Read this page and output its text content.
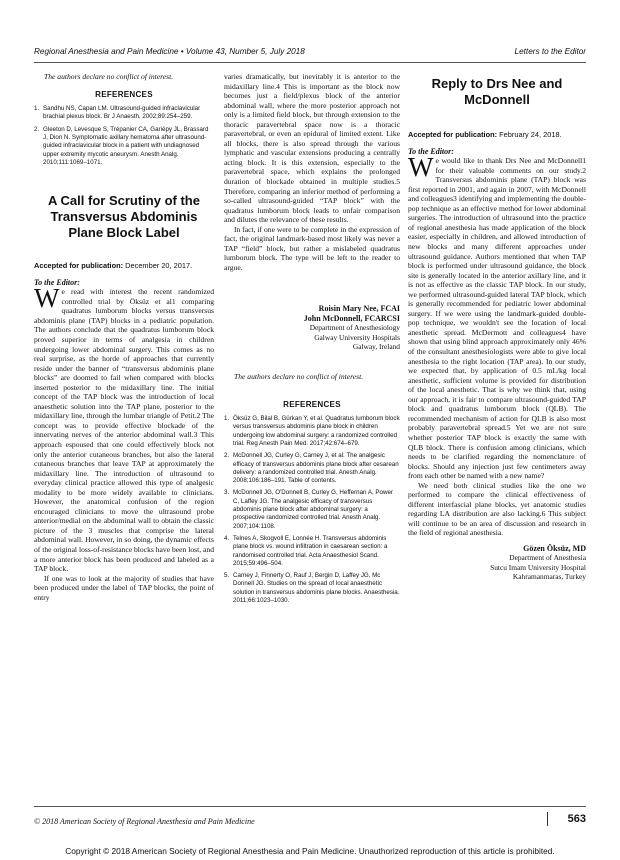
Regional Anesthesia and Pain Medicine • Volume 43, Number 5, July 2018	Letters to the Editor

The authors declare no conflict of interest.

REFERENCES
1. Sandhu NS, Capan LM. Ultrasound-guided infraclavicular brachial plexus block. Br J Anaesth. 2002;89:254–259.
2. Gleeton D, Levesque S, Trépanier CA, Gariépy JL, Brassard J, Dion N. Symptomatic axillary hematoma after ultrasound-guided infraclavicular block in a patient with undiagnosed upper extremity mycotic aneurysm. Anesth Analg. 2010;111:1069–1071.
A Call for Scrutiny of the Transversus Abdominis Plane Block Label
Accepted for publication: December 20, 2017.
To the Editor:

We read with interest the recent randomized controlled trial by Öksüz et al1 comparing quadratus lumborum blocks versus transversus abdominis plane (TAP) blocks in a pediatric population. The authors conclude that the quadratus lumborum block proved superior in terms of analgesia in children undergoing lower abdominal surgery. This comes as no real surprise, as the horde of approaches that currently reside under the banner of “transversus abdominis plane blocks” are doomed to fail when compared with blocks inserted posterior to the midaxillary line. The initial concept of the TAP block was the introduction of local anaesthetic solution into the TAP plane, posterior to the midaxillary line, through the lumbar triangle of Petit.2 The concept was to provide effective blockade of the innervating nerves of the anterior abdominal wall.3 This approach espoused that one could effectively block not only the anterior cutaneous branches, but also the lateral cutaneous branches that leave TAP at approximately the midaxillary line. The introduction of ultrasound to everyday clinical practice allowed this type of analgesic modality to be more widely available to clinicians. However, the anatomical confusion of the region encouraged clinicians to move the ultrasound probe anterior/medial on the abdominal wall to obtain the classic picture of the 3 muscles that comprise the lateral abdominal wall. However, in so doing, the dynamic effects of the original loss-of-resistance blocks have been lost, and a more anterior block has been produced and labeled as a TAP block.

If one was to look at the majority of studies that have been produced under the label of TAP blocks, the point of entry

varies dramatically, but inevitably it is anterior to the midaxillary line.4 This is important as the block now becomes just a field/plexus block of the anterior abdominal wall, where the more posterior approach not only is a limited field block, but through extension to the thoracic paravertebral space now is a thoracic paravertebral, or even an epidural of limited extent. Like all blocks, there is also spread through the various lymphatic and vascular extensions producing a centrally acting block. It is this extension, especially to the paravertebral space, which explains the prolonged duration of blockade obtained in multiple studies.5 Therefore, comparing an inferior method of performing a so-called ultrasound-guided “TAP block” with the quadratus lumborum block leads to unfair comparison and dilutes the relevance of these results.

In fact, if one were to be complete in the expression of fact, the original landmark-based most likely was never a TAP “field” block, but rather a mislabeled quadratus lumborum block. The type will be left to the reader to argue.

Roisin Mary Nee, FCAI
John McDonnell, FCARCSI
Department of Anesthesiology
Galway University Hospitals
Galway, Ireland

The authors declare no conflict of interest.

REFERENCES
1. Öksüz G, Bilal B, Gürkan Y, et al. Quadratus lumborum block versus transversus abdominis plane block in children undergoing low abdominal surgery: a randomized controlled trial. Reg Anesth Pain Med. 2017;42:674–679.
2. McDonnell JG, Curley G, Carney J, et al. The analgesic efficacy of transversus abdominis plane block after cesarean delivery: a randomized controlled trial. Anesth Analg. 2008;106:186–191. Table of contents.
3. McDonnell JG, O'Donnell B, Curley G, Heffernan A, Power C, Laffey JG. The analgesic efficacy of transversus abdominis plane block after abdominal surgery: a prospective randomized controlled trial. Anesth Analg. 2007;104:1108.
4. Telnes A, Skogvoll E, Lonnée H. Transversus abdominis plane block vs. wound infiltration in caesarean section: a randomised controlled trial. Acta Anaesthesiol Scand. 2015;59:496–504.
5. Carney J, Finnerty O, Rauf J, Bergin D, Laffey JG, Mc Donnell JG. Studies on the spread of local anaesthetic solution in transversus abdominis plane blocks. Anaesthesia. 2011;66:1023–1030.
Reply to Drs Nee and McDonnell
Accepted for publication: February 24, 2018.
To the Editor:

We would like to thank Drs Nee and McDonnell1 for their valuable comments on our study.2 Transversus abdominis plane (TAP) block was first reported in 2001, and again in 2007, with McDonnell and colleagues3 identifying and implementing the double-pop technique as an effective method for lower abdominal surgeries. The introduction of ultrasound into the practice of regional anesthesia has made application of the block easier, especially in children, and allowed introduction of new blocks and many different approaches under ultrasound guidance. Authors mentioned that when TAP block is performed under ultrasound guidance, the block site is generally located in the anterior axillary line, and it is not as effective as the classic TAP block. In our study, we performed ultrasound-guided lateral TAP block, which is generally recommended for pediatric lower abdominal surgery. If we were using the landmark-guided double-pop technique, we wouldn't see the location of local anesthetic spread. McDermott and colleagues4 have shown that using blind approach approximately only 46% of the consultant anesthesiologists were able to give local anesthesia to the right location (TAP area). In our study, we expected that, by application of 0.5 mL/kg local anesthetic, sufficient volume is provided for distribution of the local anesthetic. That is why we think that, using our approach, it is fair to compare ultrasound-guided TAP block and quadratus lumborum block (QLB). The recommended mechanism of action for QLB is also most probably paravertebral spread.5 Yet we are not sure whether posterior TAP block is exactly the same with QLB block. There is confusion among clinicians, which needs to be clarified regarding the nomenclature of blocks. Should any injection just few centimeters away from each other be named with a new name?

We need both clinical studies like the one we performed to compare the clinical effectiveness of different interfascial plane blocks, yet anatomic studies regarding LA distribution are also lacking.6 This subject will continue to be an area of discussion and research in the field of regional anesthesia.

Gözen Öksüz, MD
Department of Anesthesia
Sutcu Imam University Hospital
Kahramanmaras, Turkey
© 2018 American Society of Regional Anesthesia and Pain Medicine	563
Copyright © 2018 American Society of Regional Anesthesia and Pain Medicine. Unauthorized reproduction of this article is prohibited.
